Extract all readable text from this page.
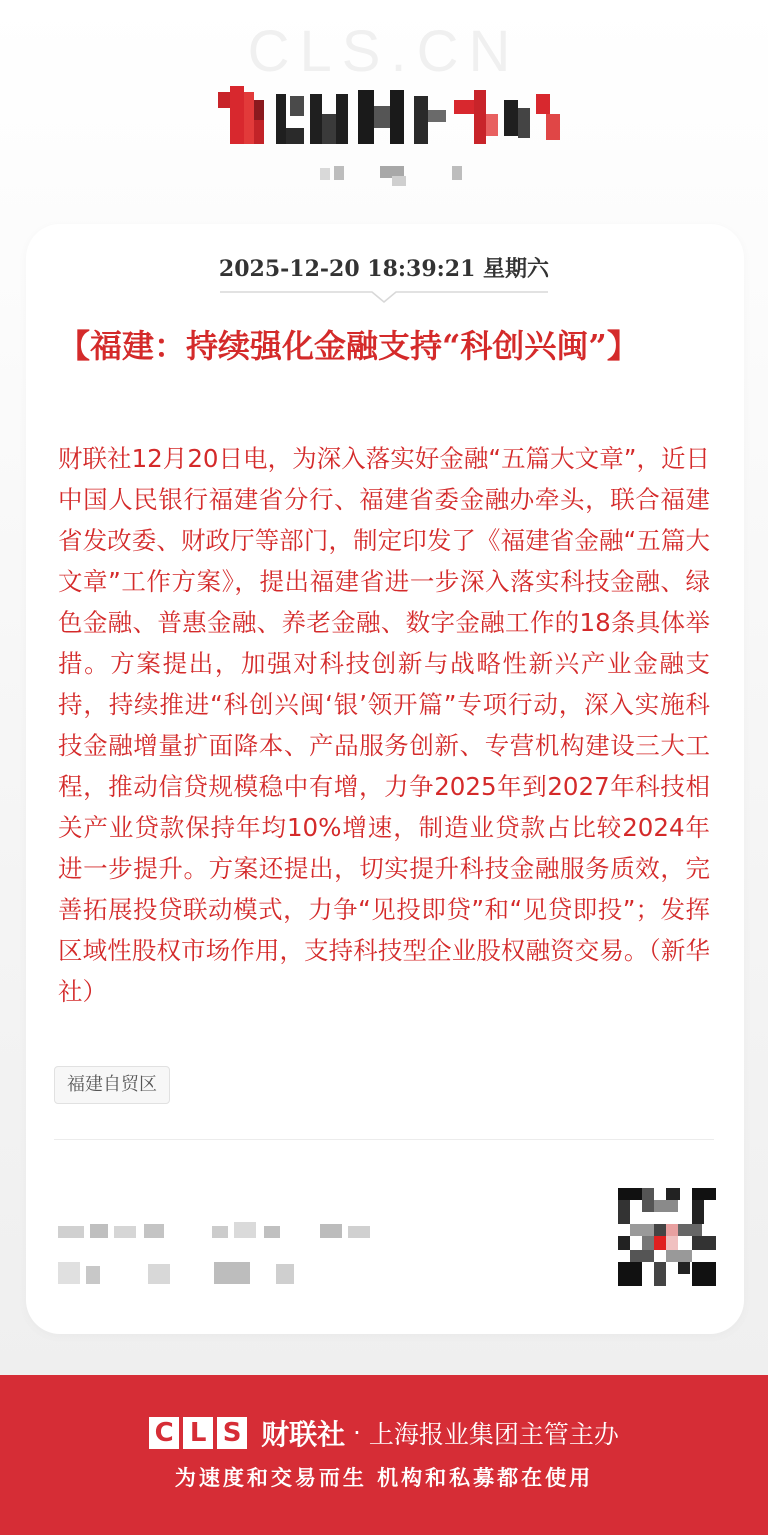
CLS.CN
2025-12-20 18:39:21 星期六
【福建：持续强化金融支持“科创兴闽”】

财联社12月20日电，为深入落实好金融“五篇大文章”，近日中国人民银行福建省分行、福建省委金融办牵头，联合福建省发改委、财政厅等部门，制定印发了《福建省金融“五篇大文章”工作方案》，提出福建省进一步深入落实科技金融、绿色金融、普惠金融、养老金融、数字金融工作的18条具体举措。方案提出，加强对科技创新与战略性新兴产业金融支持，持续推进“科创兴闽‘银’领开篇”专项行动，深入实施科技金融增量扩面降本、产品服务创新、专营机构建设三大工程，推动信贷规模稳中有增，力争2025年到2027年科技相关产业贷款保持年均10%增速，制造业贷款占比较2024年进一步提升。方案还提出，切实提升科技金融服务质效，完善拓展投贷联动模式，力争“见投即贷”和“见贷即投”；发挥区域性股权市场作用，支持科技型企业股权融资交易。（新华社）

福建自贸区
C L S 财联社 · 上海报业集团主管主办
为速度和交易而生 机构和私募都在使用
